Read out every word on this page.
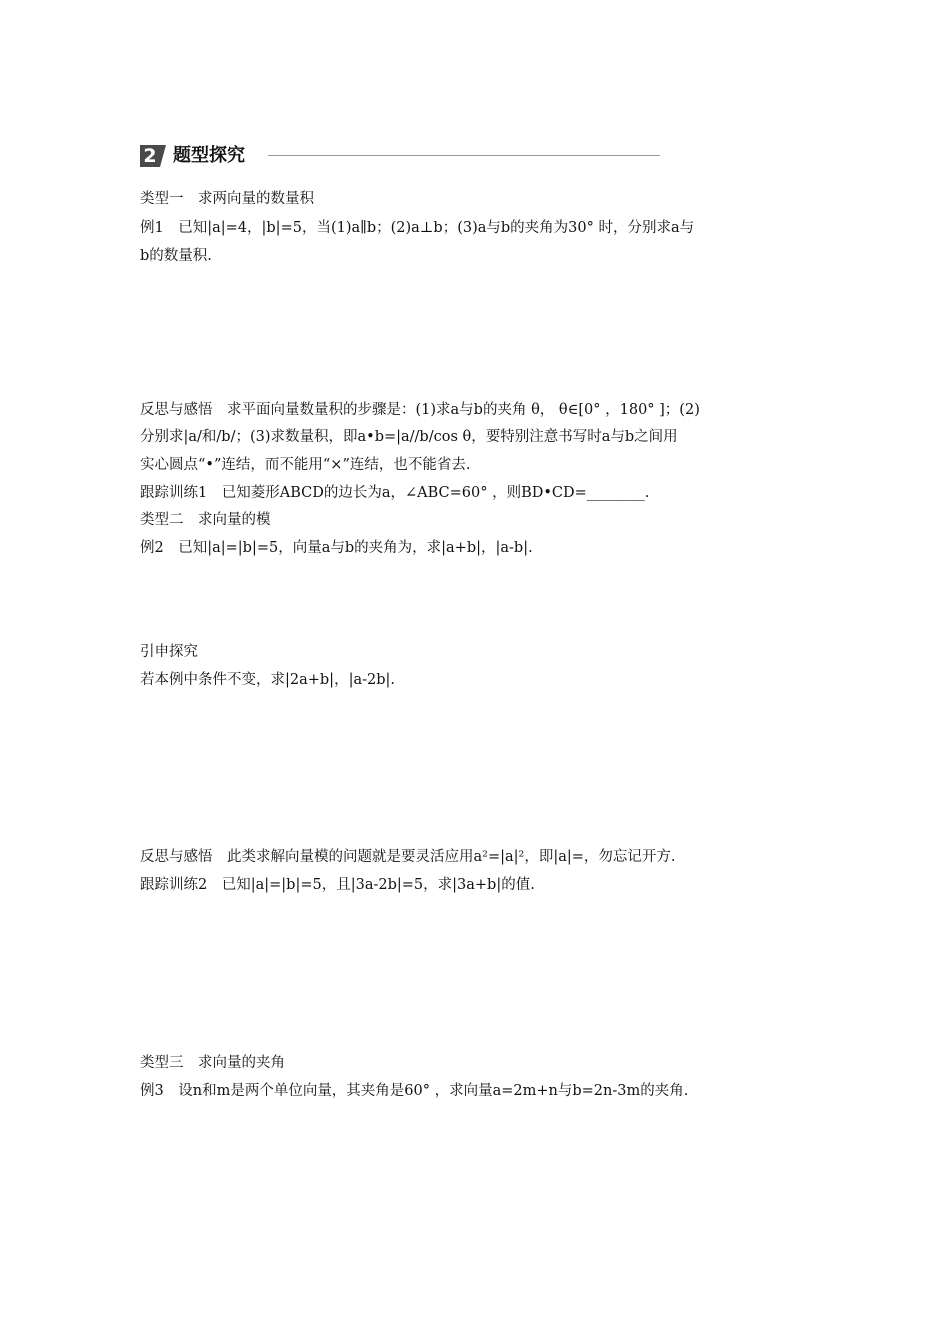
2 题型探究
类型一　求两向量的数量积
例1　已知|a|=4，|b|=5，当(1)a∥b；(2)a⊥b；(3)a与b的夹角为30° 时，分别求a与
b的数量积.
反思与感悟　求平面向量数量积的步骤是：(1)求a与b的夹角 θ， θ∈[0° ，180° ]；(2)
分别求|a/和/b/；(3)求数量积，即a•b=|a//b/cos θ，要特别注意书写时a与b之间用
实心圆点“•”连结，而不能用“×”连结，也不能省去.
跟踪训练1　已知菱形ABCD的边长为a，∠ABC=60° ，则BD•CD=________.
类型二　求向量的模
例2　已知|a|=|b|=5，向量a与b的夹角为，求|a+b|，|a-b|.
引申探究
若本例中条件不变，求|2a+b|，|a-2b|.
反思与感悟　此类求解向量模的问题就是要灵活应用a²=|a|²，即|a|=，勿忘记开方.
跟踪训练2　已知|a|=|b|=5，且|3a-2b|=5，求|3a+b|的值.
类型三　求向量的夹角
例3　设n和m是两个单位向量，其夹角是60° ，求向量a=2m+n与b=2n-3m的夹角.
